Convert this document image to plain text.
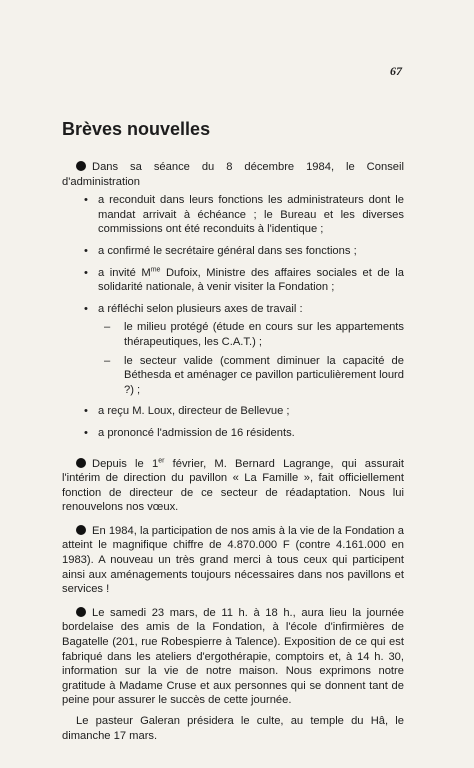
67
Brèves nouvelles

Dans sa séance du 8 décembre 1984, le Conseil d'administration

• a reconduit dans leurs fonctions les administrateurs dont le mandat arrivait à échéance ; le Bureau et les diverses commissions ont été reconduits à l'identique ;
• a confirmé le secrétaire général dans ses fonctions ;
• a invité $M^{me}$ Dufoix, Ministre des affaires sociales et de la solidarité nationale, à venir visiter la Fondation ;
• a réfléchi selon plusieurs axes de travail :
– le milieu protégé (étude en cours sur les appartements thérapeutiques, les C.A.T.) ;
– le secteur valide (comment diminuer la capacité de Béthesda et aménager ce pavillon particulièrement lourd ?) ;
• a reçu M. Loux, directeur de Bellevue ;
• a prononcé l'admission de 16 résidents.

Depuis le 1er février, M. Bernard Lagrange, qui assurait l'intérim de direction du pavillon « La Famille », fait officiellement fonction de directeur de ce secteur de réadaptation. Nous lui renouvelons nos vœux.

En 1984, la participation de nos amis à la vie de la Fondation a atteint le magnifique chiffre de 4.870.000 F (contre 4.161.000 en 1983). A nouveau un très grand merci à tous ceux qui participent ainsi aux aménagements toujours nécessaires dans nos pavillons et services !

Le samedi 23 mars, de 11 h. à 18 h., aura lieu la journée bordelaise des amis de la Fondation, à l'école d'infirmières de Bagatelle (201, rue Robespierre à Talence). Exposition de ce qui est fabriqué dans les ateliers d'ergothérapie, comptoirs et, à 14 h. 30, information sur la vie de notre maison. Nous exprimons notre gratitude à Madame Cruse et aux personnes qui se donnent tant de peine pour assurer le succès de cette journée.

Le pasteur Galeran présidera le culte, au temple du Hâ, le dimanche 17 mars.
